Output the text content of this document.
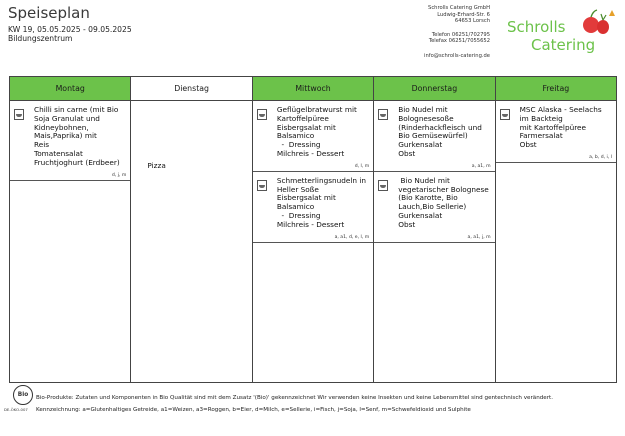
Speiseplan
KW 19, 05.05.2025 - 09.05.2025
Bildungszentrum
Schrolls Catering GmbH
Ludwig-Erhard-Str. 6
64653 Lorsch
Telefon 06251/702795
Telefax 06251/7055652
info@schrolls-catering.de
Schrolls
Catering
Montag
Chilli sin carne (mit Bio Soja Granulat und Kidneybohnen, Mais,Paprika) mit
Reis
Tomatensalat
Fruchtjoghurt (Erdbeer)
d, j, m
Dienstag
Pizza
Mittwoch
Geflügelbratwurst mit Kartoffelpüree
Eisbergsalat mit Balsamico
-  Dressing
Milchreis - Dessert
d, l, m
Schmetterlingsnudeln in Heller Soße
Eisbergsalat mit Balsamico
-  Dressing
Milchreis - Dessert
a, a1, d, e, l, m
Donnerstag
Bio Nudel mit Bolognesesoße (Rinderhackfleisch und Bio Gemüsewürfel)
Gurkensalat
Obst
a, a1, m
Bio Nudel mit vegetarischer Bolognese (Bio Karotte, Bio Lauch,Bio Sellerie)
Gurkensalat
Obst
a, a1, j, m
Freitag
MSC Alaska - Seelachs im Backteig
mit Kartoffelpüree
Farmersalat
Obst
a, b, d, i, l
Bio
DE-ÖKO-007
Bio-Produkte: Zutaten und Komponenten in Bio Qualität sind mit dem Zusatz '(Bio)' gekennzeichnet Wir verwenden keine Insekten und keine Lebensmittel sind gentechnisch verändert.
Kennzeichnung: a=Glutenhaltiges Getreide, a1=Weizen, a3=Roggen, b=Eier, d=Milch, e=Sellerie, i=Fisch, j=Soja, l=Senf, m=Schwefeldioxid und Sulphite
